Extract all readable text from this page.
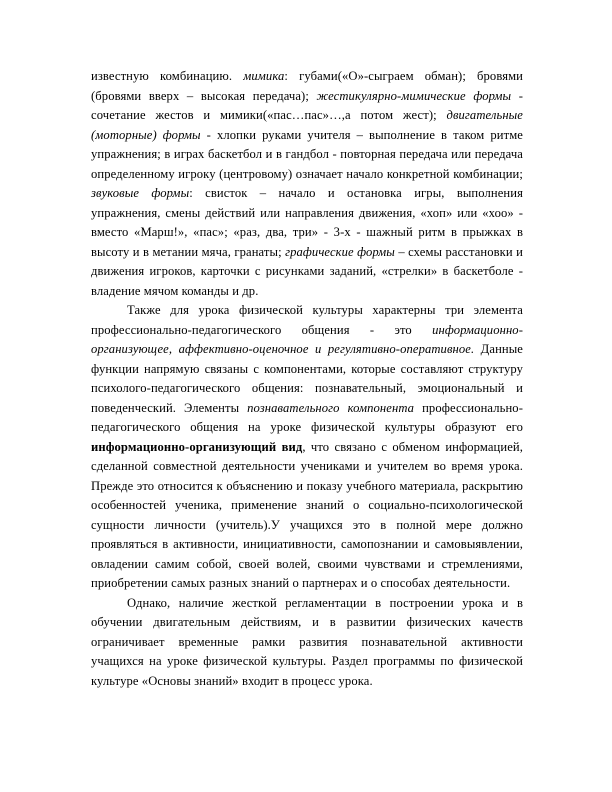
известную комбинацию. мимика: губами(«О»-сыграем обман); бровями (бровями вверх – высокая передача); жестикулярно-мимические формы - сочетание жестов и мимики(«пас…пас»…,а потом жест); двигательные (моторные) формы - хлопки руками учителя – выполнение в таком ритме упражнения; в играх баскетбол и в гандбол - повторная передача или передача определенному игроку (центровому) означает начало конкретной комбинации; звуковые формы: свисток – начало и остановка игры, выполнения упражнения, смены действий или направления движения, «хоп» или «хоо» - вместо «Марш!», «пас»; «раз, два, три» - 3-х - шажный ритм в прыжках в высоту и в метании мяча, гранаты; графические формы – схемы расстановки и движения игроков, карточки с рисунками заданий, «стрелки» в баскетболе - владение мячом команды и др.

Также для урока физической культуры характерны три элемента профессионально-педагогического общения - это информационно-организующее, аффективно-оценочное и регулятивно-оперативное. Данные функции напрямую связаны с компонентами, которые составляют структуру психолого-педагогического общения: познавательный, эмоциональный и поведенческий. Элементы познавательного компонента профессионально-педагогического общения на уроке физической культуры образуют его информационно-организующий вид, что связано с обменом информацией, сделанной совместной деятельности учениками и учителем во время урока. Прежде это относится к объяснению и показу учебного материала, раскрытию особенностей ученика, применение знаний о социально-психологической сущности личности (учитель).У учащихся это в полной мере должно проявляться в активности, инициативности, самопознании и самовыявлении, овладении самим собой, своей волей, своими чувствами и стремлениями, приобретении самых разных знаний о партнерах и о способах деятельности.

Однако, наличие жесткой регламентации в построении урока и в обучении двигательным действиям, и в развитии физических качеств ограничивает временные рамки развития познавательной активности учащихся на уроке физической культуры. Раздел программы по физической культуре «Основы знаний» входит в процесс урока.
